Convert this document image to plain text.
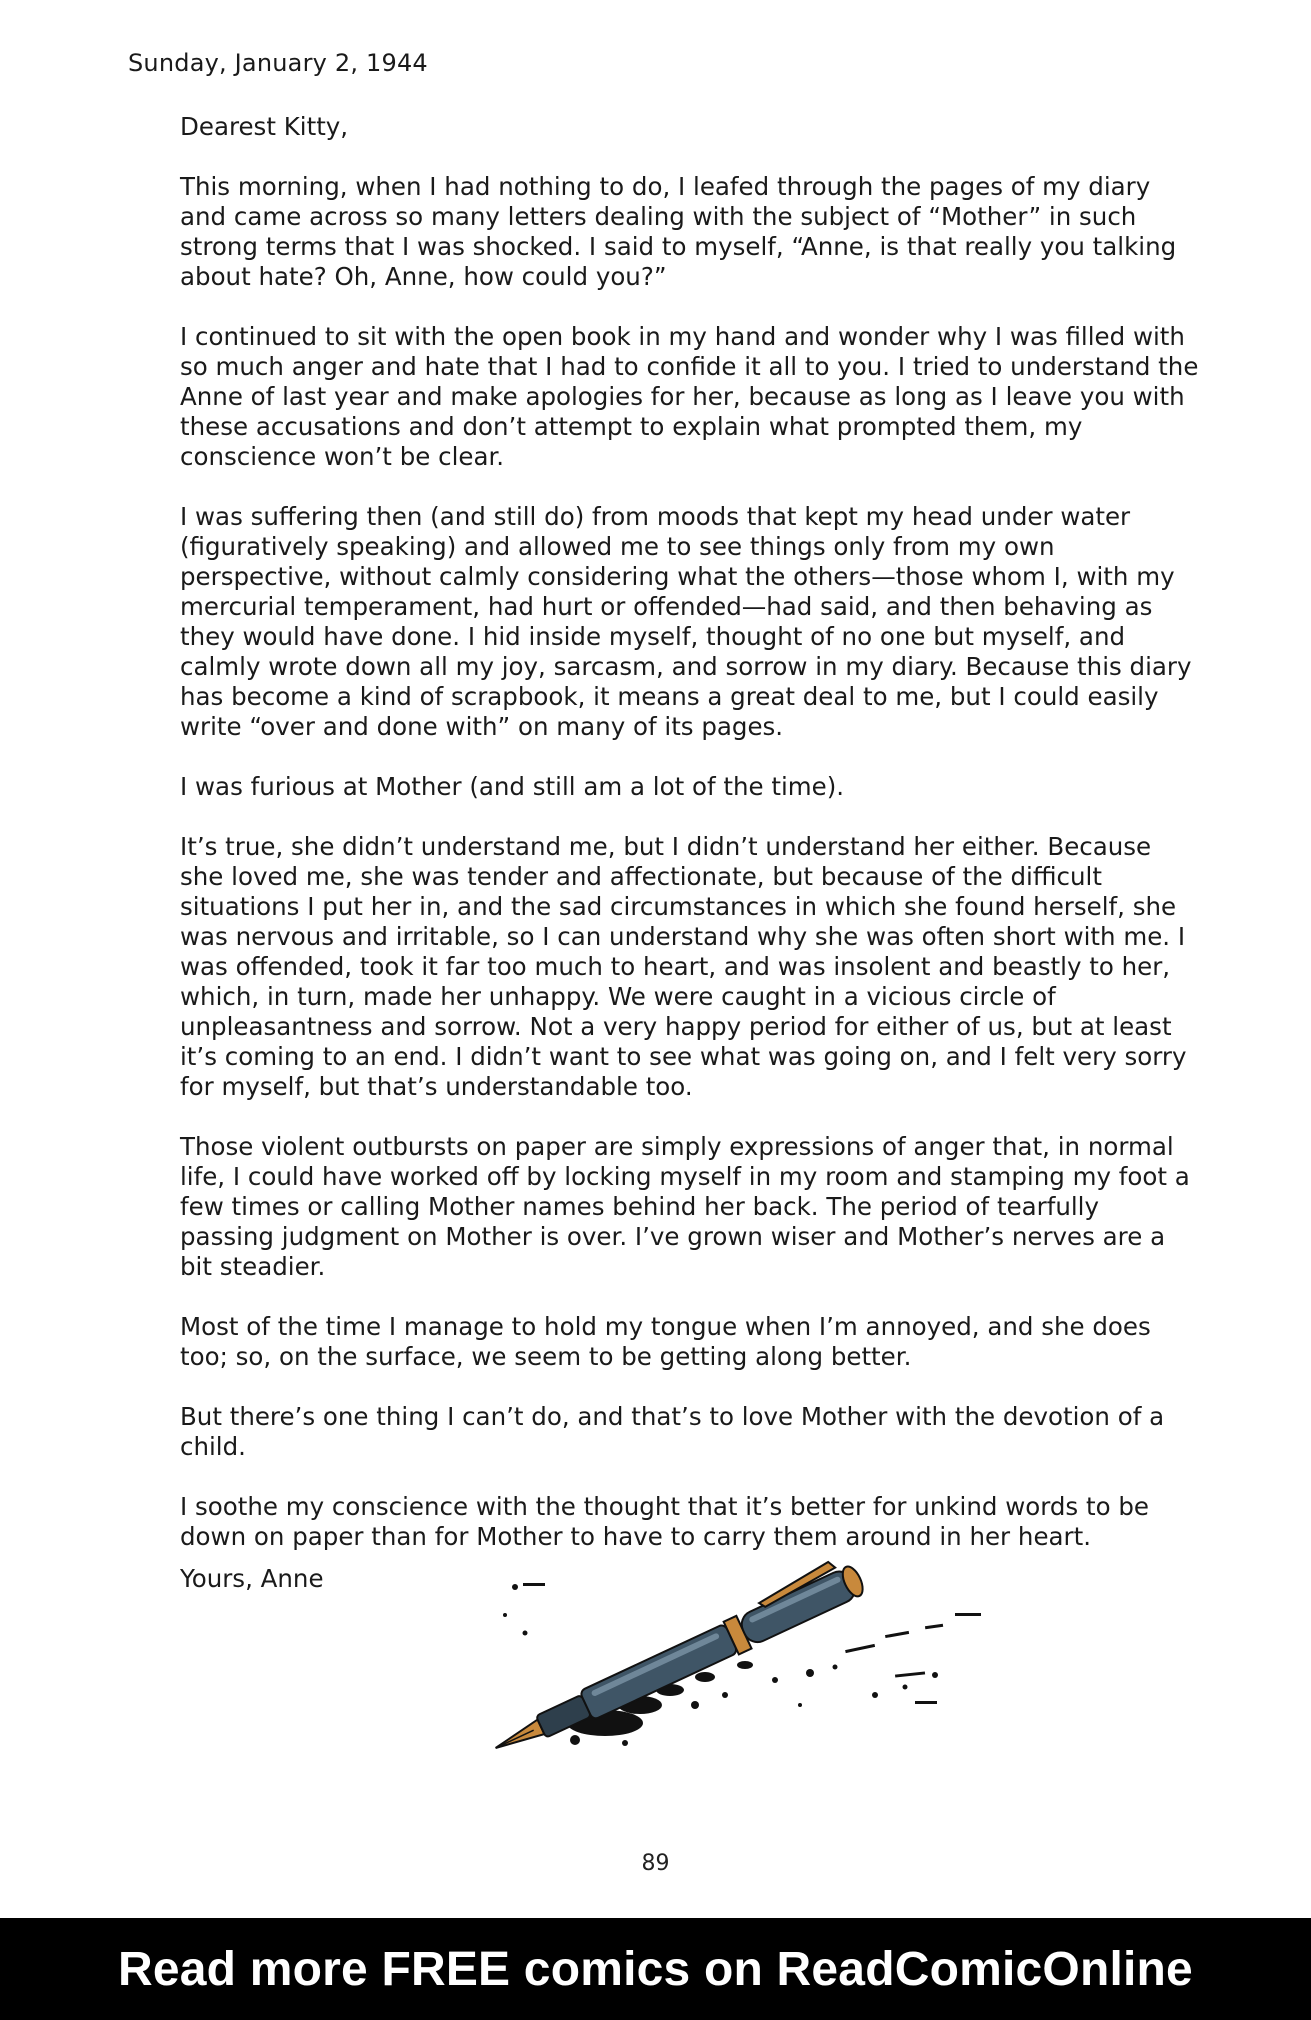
Sunday, January 2, 1944

Dearest Kitty,

This morning, when I had nothing to do, I leafed through the pages of my diary and came across so many letters dealing with the subject of “Mother” in such strong terms that I was shocked. I said to myself, “Anne, is that really you talking about hate? Oh, Anne, how could you?”

I continued to sit with the open book in my hand and wonder why I was filled with so much anger and hate that I had to confide it all to you. I tried to understand the Anne of last year and make apologies for her, because as long as I leave you with these accusations and don’t attempt to explain what prompted them, my conscience won’t be clear.

I was suffering then (and still do) from moods that kept my head under water (figuratively speaking) and allowed me to see things only from my own perspective, without calmly considering what the others—those whom I, with my mercurial temperament, had hurt or offended—had said, and then behaving as they would have done. I hid inside myself, thought of no one but myself, and calmly wrote down all my joy, sarcasm, and sorrow in my diary. Because this diary has become a kind of scrapbook, it means a great deal to me, but I could easily write “over and done with” on many of its pages.

I was furious at Mother (and still am a lot of the time).

It’s true, she didn’t understand me, but I didn’t understand her either. Because she loved me, she was tender and affectionate, but because of the difficult situations I put her in, and the sad circumstances in which she found herself, she was nervous and irritable, so I can understand why she was often short with me. I was offended, took it far too much to heart, and was insolent and beastly to her, which, in turn, made her unhappy. We were caught in a vicious circle of unpleasantness and sorrow. Not a very happy period for either of us, but at least it’s coming to an end. I didn’t want to see what was going on, and I felt very sorry for myself, but that’s understandable too.

Those violent outbursts on paper are simply expressions of anger that, in normal life, I could have worked off by locking myself in my room and stamping my foot a few times or calling Mother names behind her back. The period of tearfully passing judgment on Mother is over. I’ve grown wiser and Mother’s nerves are a bit steadier.

Most of the time I manage to hold my tongue when I’m annoyed, and she does too; so, on the surface, we seem to be getting along better.

But there’s one thing I can’t do, and that’s to love Mother with the devotion of a child.

I soothe my conscience with the thought that it’s better for unkind words to be down on paper than for Mother to have to carry them around in her heart.

Yours, Anne
89
Read more FREE comics on ReadComicOnline
